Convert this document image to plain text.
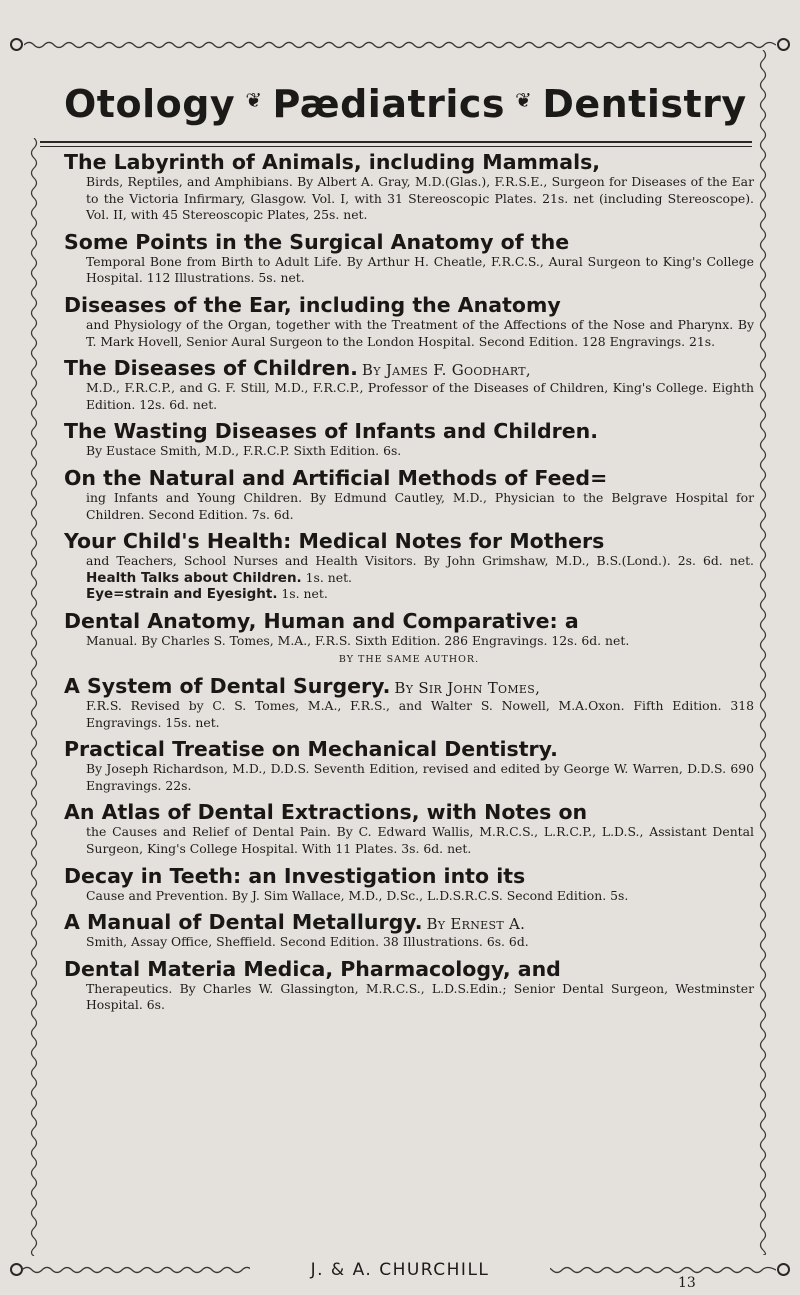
Otology ❦ Pædiatrics ❦ Dentistry
The Labyrinth of Animals, including Mammals,
Birds, Reptiles, and Amphibians. By Albert A. Gray, M.D.(Glas.), F.R.S.E., Surgeon for Diseases of the Ear to the Victoria Infirmary, Glasgow. Vol. I, with 31 Stereoscopic Plates. 21s. net (including Stereoscope). Vol. II, with 45 Stereoscopic Plates, 25s. net.
Some Points in the Surgical Anatomy of the
Temporal Bone from Birth to Adult Life. By Arthur H. Cheatle, F.R.C.S., Aural Surgeon to King's College Hospital. 112 Illustrations. 5s. net.
Diseases of the Ear, including the Anatomy
and Physiology of the Organ, together with the Treatment of the Affections of the Nose and Pharynx. By T. Mark Hovell, Senior Aural Surgeon to the London Hospital. Second Edition. 128 Engravings. 21s.
The Diseases of Children. By James F. Goodhart,
M.D., F.R.C.P., and G. F. Still, M.D., F.R.C.P., Professor of the Diseases of Children, King's College. Eighth Edition. 12s. 6d. net.
The Wasting Diseases of Infants and Children.
By Eustace Smith, M.D., F.R.C.P. Sixth Edition. 6s.
On the Natural and Artificial Methods of Feed=
ing Infants and Young Children. By Edmund Cautley, M.D., Physician to the Belgrave Hospital for Children. Second Edition. 7s. 6d.
Your Child's Health: Medical Notes for Mothers
and Teachers, School Nurses and Health Visitors. By John Grimshaw, M.D., B.S.(Lond.). 2s. 6d. net. Health Talks about Children. 1s. net.
Eye=strain and Eyesight. 1s. net.
Dental Anatomy, Human and Comparative: a
Manual. By Charles S. Tomes, M.A., F.R.S. Sixth Edition. 286 Engravings. 12s. 6d. net.
BY THE SAME AUTHOR.
A System of Dental Surgery. By Sir John Tomes,
F.R.S. Revised by C. S. Tomes, M.A., F.R.S., and Walter S. Nowell, M.A.Oxon. Fifth Edition. 318 Engravings. 15s. net.
Practical Treatise on Mechanical Dentistry.
By Joseph Richardson, M.D., D.D.S. Seventh Edition, revised and edited by George W. Warren, D.D.S. 690 Engravings. 22s.
An Atlas of Dental Extractions, with Notes on
the Causes and Relief of Dental Pain. By C. Edward Wallis, M.R.C.S., L.R.C.P., L.D.S., Assistant Dental Surgeon, King's College Hospital. With 11 Plates. 3s. 6d. net.
Decay in Teeth: an Investigation into its
Cause and Prevention. By J. Sim Wallace, M.D., D.Sc., L.D.S.R.C.S. Second Edition. 5s.
A Manual of Dental Metallurgy. By Ernest A.
Smith, Assay Office, Sheffield. Second Edition. 38 Illustrations. 6s. 6d.
Dental Materia Medica, Pharmacology, and
Therapeutics. By Charles W. Glassington, M.R.C.S., L.D.S.Edin.; Senior Dental Surgeon, Westminster Hospital. 6s.
J. & A. CHURCHILL
13
